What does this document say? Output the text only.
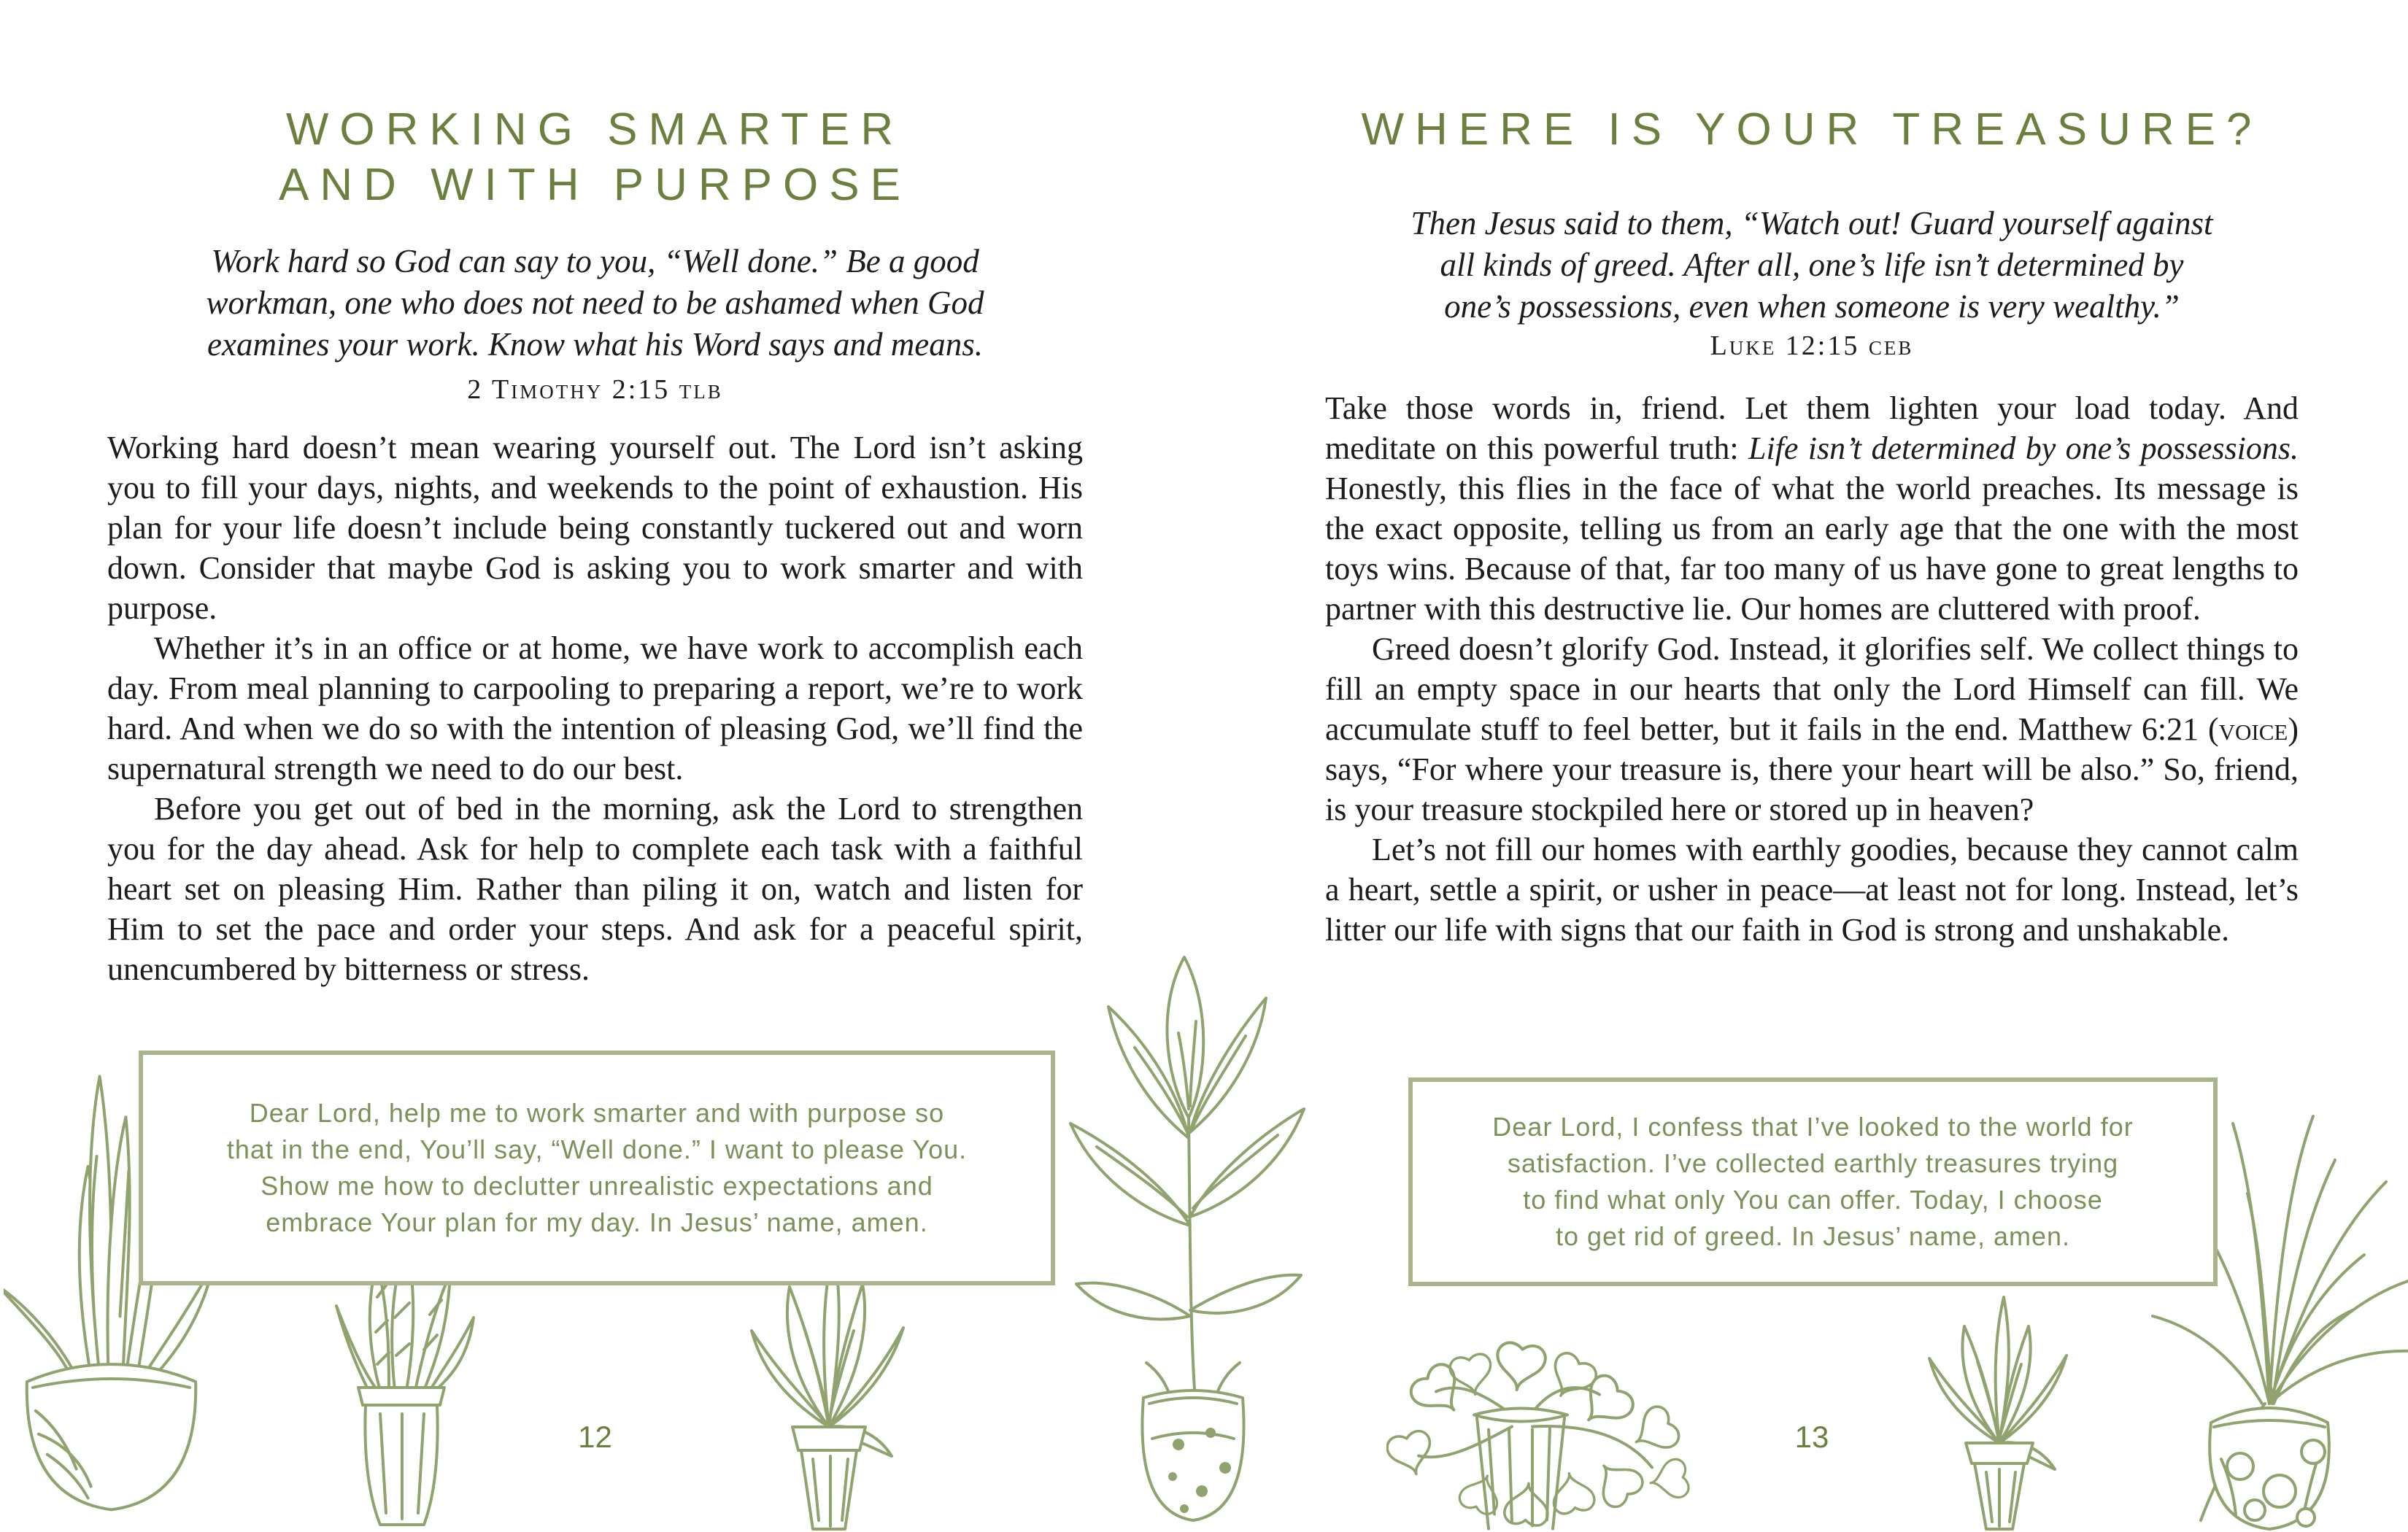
WORKING SMARTER
AND WITH PURPOSE
Work hard so God can say to you, “Well done.” Be a good
workman, one who does not need to be ashamed when God
examines your work. Know what his Word says and means.
2 Timothy 2:15 tlb

Working hard doesn’t mean wearing yourself out. The Lord isn’t asking you to fill your days, nights, and weekends to the point of exhaustion. His plan for your life doesn’t include being constantly tuckered out and worn down. Consider that maybe God is asking you to work smarter and with purpose.

Whether it’s in an office or at home, we have work to accomplish each day. From meal planning to carpooling to preparing a report, we’re to work hard. And when we do so with the intention of pleasing God, we’ll find the supernatural strength we need to do our best.

Before you get out of bed in the morning, ask the Lord to strengthen you for the day ahead. Ask for help to complete each task with a faithful heart set on pleasing Him. Rather than piling it on, watch and listen for Him to set the pace and order your steps. And ask for a peaceful spirit, unencumbered by bitterness or stress.

Dear Lord, help me to work smarter and with purpose so
that in the end, You’ll say, “Well done.” I want to please You.
Show me how to declutter unrealistic expectations and
embrace Your plan for my day. In Jesus’ name, amen.
12
WHERE IS YOUR TREASURE?
Then Jesus said to them, “Watch out! Guard yourself against
all kinds of greed. After all, one’s life isn’t determined by
one’s possessions, even when someone is very wealthy.”
Luke 12:15 ceb

Take those words in, friend. Let them lighten your load today. And meditate on this powerful truth: Life isn’t determined by one’s possessions. Honestly, this flies in the face of what the world preaches. Its message is the exact opposite, telling us from an early age that the one with the most toys wins. Because of that, far too many of us have gone to great lengths to partner with this destructive lie. Our homes are cluttered with proof.

Greed doesn’t glorify God. Instead, it glorifies self. We collect things to fill an empty space in our hearts that only the Lord Himself can fill. We accumulate stuff to feel better, but it fails in the end. Matthew 6:21 (voice) says, “For where your treasure is, there your heart will be also.” So, friend, is your treasure stockpiled here or stored up in heaven?

Let’s not fill our homes with earthly goodies, because they cannot calm a heart, settle a spirit, or usher in peace—at least not for long. Instead, let’s litter our life with signs that our faith in God is strong and unshakable.

Dear Lord, I confess that I’ve looked to the world for
satisfaction. I’ve collected earthly treasures trying
to find what only You can offer. Today, I choose
to get rid of greed. In Jesus’ name, amen.
13
